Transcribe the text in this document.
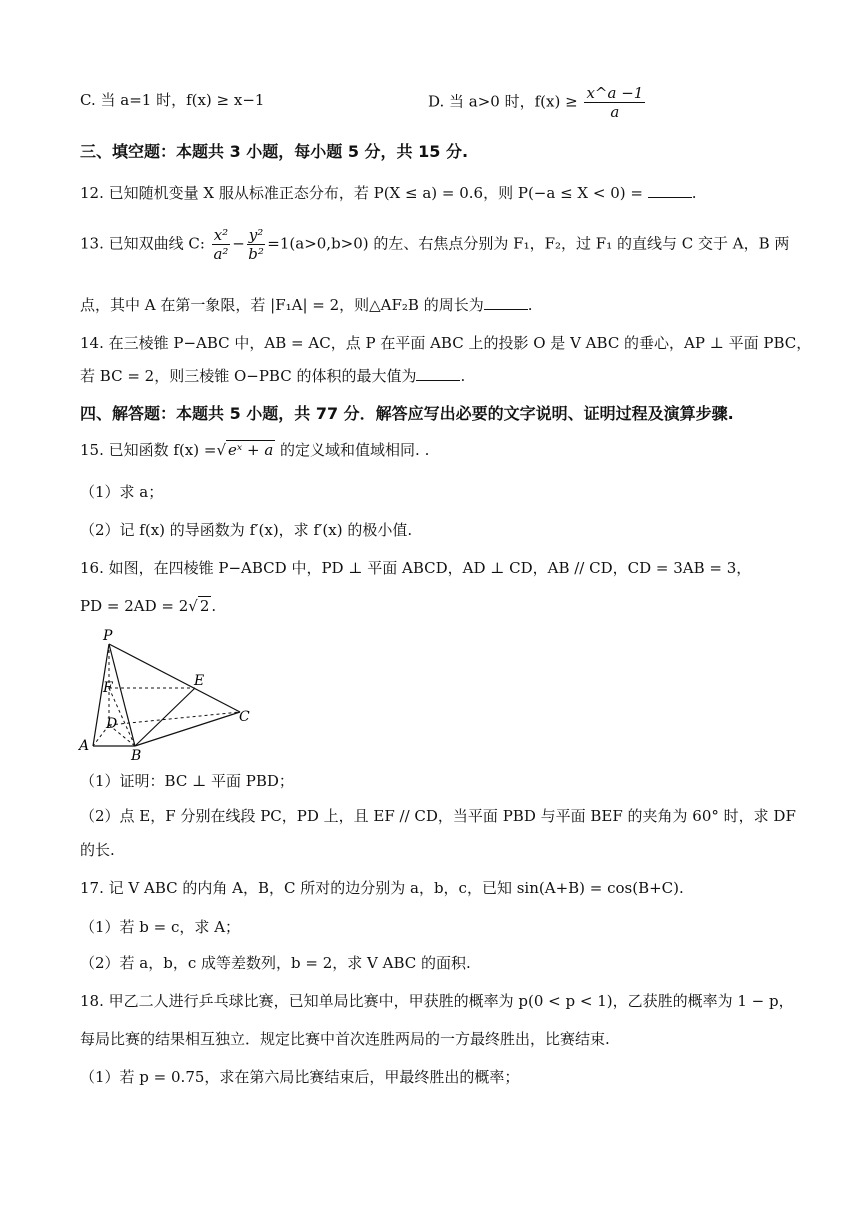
C. 当 a=1 时，f(x) ≥ x−1	D. 当 a>0 时，$f(x) \ge \frac{x\^{}a -1}{a}$
三、填空题：本题共 3 小题，每小题 5 分，共 15 分.
12. 已知随机变量 X 服从标准正态分布，若 P(X ≤ a) = 0.6，则 P(−a ≤ X < 0) =	.
13. 已知双曲线 C: $\frac{\text{x²}}{\text{a²}} - \frac{\text{y²}}{\text{b²}} =1(a>0,b>0)$ 的左、右焦点分别为 F₁，F₂，过 F₁ 的直线与 C 交于 A，B 两
点，其中 A 在第一象限，若 |F₁A| = 2，则△AF₂B 的周长为	.
14. 在三棱锥 P−ABC 中，AB = AC，点 P 在平面 ABC 上的投影 O 是 V ABC 的垂心，AP ⊥ 平面 PBC，
若 BC = 2，则三棱锥 O−PBC 的体积的最大值为	.
四、解答题：本题共 5 小题，共 77 分．解答应写出必要的文字说明、证明过程及演算步骤.
15. 已知函数 f(x) =√ eˣ + a 的定义域和值域相同. .
（1）求 a；
（2）记 f(x) 的导函数为 f′(x)，求 f′(x) 的极小值.
16. 如图，在四棱锥 P−ABCD 中，PD ⊥ 平面 ABCD，AD ⊥ CD，AB // CD，CD = 3AB = 3，
PD = 2AD = 2√ 2 .
P
F	E
D	C
A
B
（1）证明：BC ⊥ 平面 PBD；
（2）点 E，F 分别在线段 PC，PD 上，且 EF // CD，当平面 PBD 与平面 BEF 的夹角为 60° 时，求 DF
的长.
17. 记 V ABC 的内角 A，B，C 所对的边分别为 a，b，c，已知 sin(A+B) = cos(B+C).
（1）若 b = c，求 A；
（2）若 a，b，c 成等差数列，b = 2，求 V ABC 的面积.
18. 甲乙二人进行乒乓球比赛，已知单局比赛中，甲获胜的概率为 p(0 < p < 1)，乙获胜的概率为 1 − p，
每局比赛的结果相互独立．规定比赛中首次连胜两局的一方最终胜出，比赛结束.
（1）若 p = 0.75，求在第六局比赛结束后，甲最终胜出的概率；
